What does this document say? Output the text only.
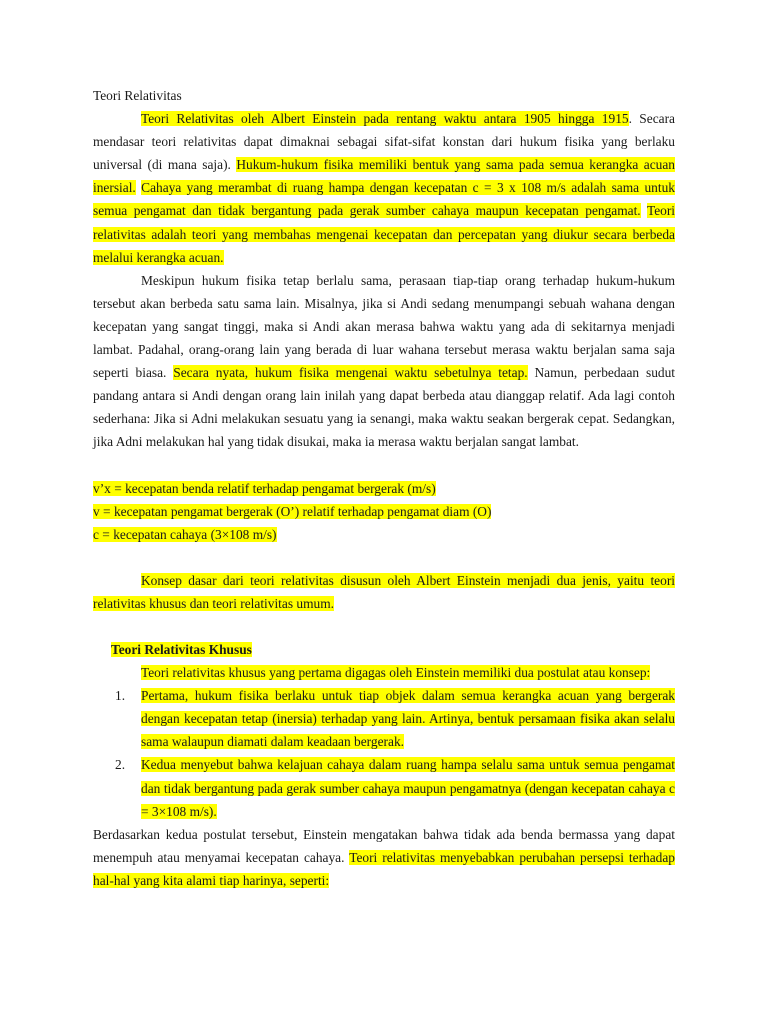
Teori Relativitas

Teori Relativitas oleh Albert Einstein pada rentang waktu antara 1905 hingga 1915. Secara mendasar teori relativitas dapat dimaknai sebagai sifat-sifat konstan dari hukum fisika yang berlaku universal (di mana saja). Hukum-hukum fisika memiliki bentuk yang sama pada semua kerangka acuan inersial. Cahaya yang merambat di ruang hampa dengan kecepatan c = 3 x 108 m/s adalah sama untuk semua pengamat dan tidak bergantung pada gerak sumber cahaya maupun kecepatan pengamat. Teori relativitas adalah teori yang membahas mengenai kecepatan dan percepatan yang diukur secara berbeda melalui kerangka acuan.

Meskipun hukum fisika tetap berlalu sama, perasaan tiap-tiap orang terhadap hukum-hukum tersebut akan berbeda satu sama lain. Misalnya, jika si Andi sedang menumpangi sebuah wahana dengan kecepatan yang sangat tinggi, maka si Andi akan merasa bahwa waktu yang ada di sekitarnya menjadi lambat. Padahal, orang-orang lain yang berada di luar wahana tersebut merasa waktu berjalan sama saja seperti biasa. Secara nyata, hukum fisika mengenai waktu sebetulnya tetap. Namun, perbedaan sudut pandang antara si Andi dengan orang lain inilah yang dapat berbeda atau dianggap relatif. Ada lagi contoh sederhana: Jika si Adni melakukan sesuatu yang ia senangi, maka waktu seakan bergerak cepat. Sedangkan, jika Adni melakukan hal yang tidak disukai, maka ia merasa waktu berjalan sangat lambat.

v’x = kecepatan benda relatif terhadap pengamat bergerak (m/s)

v = kecepatan pengamat bergerak (O’) relatif terhadap pengamat diam (O)

c = kecepatan cahaya (3×108 m/s)

Konsep dasar dari teori relativitas disusun oleh Albert Einstein menjadi dua jenis, yaitu teori relativitas khusus dan teori relativitas umum.

Teori Relativitas Khusus

Teori relativitas khusus yang pertama digagas oleh Einstein memiliki dua postulat atau konsep:

1. Pertama, hukum fisika berlaku untuk tiap objek dalam semua kerangka acuan yang bergerak dengan kecepatan tetap (inersia) terhadap yang lain. Artinya, bentuk persamaan fisika akan selalu sama walaupun diamati dalam keadaan bergerak.
2. Kedua menyebut bahwa kelajuan cahaya dalam ruang hampa selalu sama untuk semua pengamat dan tidak bergantung pada gerak sumber cahaya maupun pengamatnya (dengan kecepatan cahaya c = 3×108 m/s).

Berdasarkan kedua postulat tersebut, Einstein mengatakan bahwa tidak ada benda bermassa yang dapat menempuh atau menyamai kecepatan cahaya. Teori relativitas menyebabkan perubahan persepsi terhadap hal-hal yang kita alami tiap harinya, seperti:
